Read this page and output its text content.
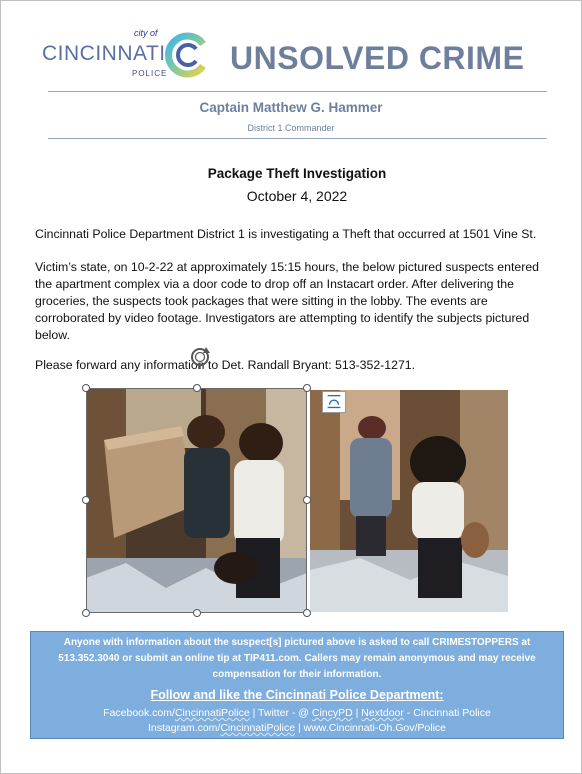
city of
CINCINNATI
POLICE UNSOLVED CRIME
Captain Matthew G. Hammer
District 1 Commander
Package Theft Investigation
October 4, 2022
Cincinnati Police Department District 1 is investigating a Theft that occurred at 1501 Vine St.
Victim’s state, on 10-2-22 at approximately 15:15 hours, the below pictured suspects entered the apartment complex via a door code to drop off an Instacart order. After delivering the groceries, the suspects took packages that were sitting in the lobby. The events are corroborated by video footage. Investigators are attempting to identify the subjects pictured below.
Please forward any information to Det. Randall Bryant: 513-352-1271.
Anyone with information about the suspect[s] pictured above is asked to call CRIMESTOPPERS at 513.352.3040 or submit an online tip at TIP411.com. Callers may remain anonymous and may receive compensation for their information.
Follow and like the Cincinnati Police Department:
Facebook.com/CincinnatiPolice | Twitter - @ CincyPD | Nextdoor - Cincinnati Police
Instagram.com/CincinnatiPolice | www.Cincinnati-Oh.Gov/Police
